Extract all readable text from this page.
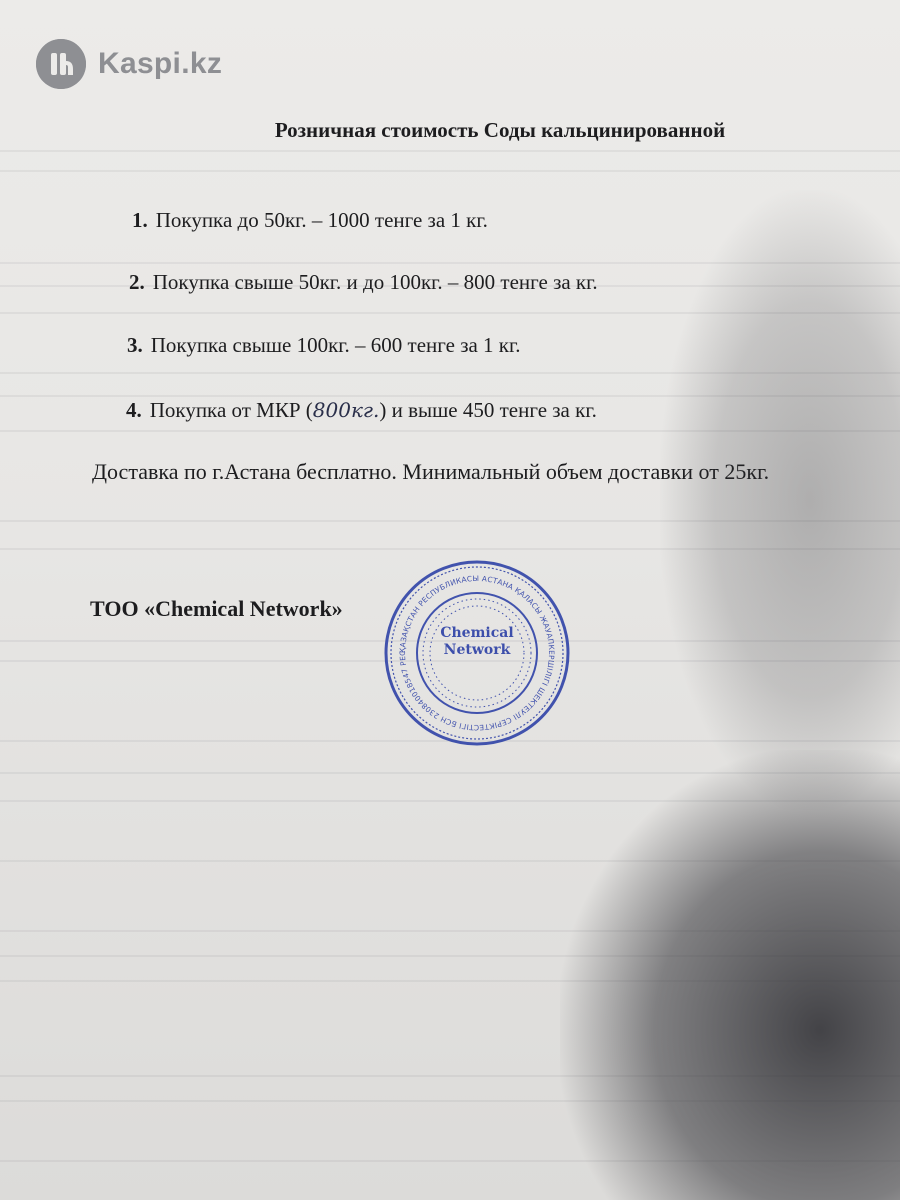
Kaspi.kz
Розничная стоимость Соды кальцинированной
1. Покупка до 50кг. – 1000 тенге за 1 кг.
2. Покупка свыше 50кг. и до 100кг. – 800 тенге за кг.
3. Покупка свыше 100кг. – 600 тенге за 1 кг.
4. Покупка от МКР (800кг.) и выше 450 тенге за кг.
Доставка по г.Астана бесплатно. Минимальный объем доставки от 25кг.
ТОО «Chemical Network»
ҚАЗАҚСТАН РЕСПУБЛИКАСЫ АСТАНА ҚАЛАСЫ ЖАУАПКЕРШІЛІГІ ШЕКТЕУЛІ СЕРІКТЕСТІГІ БСН 230840018547 РЕС
Chemical Network
